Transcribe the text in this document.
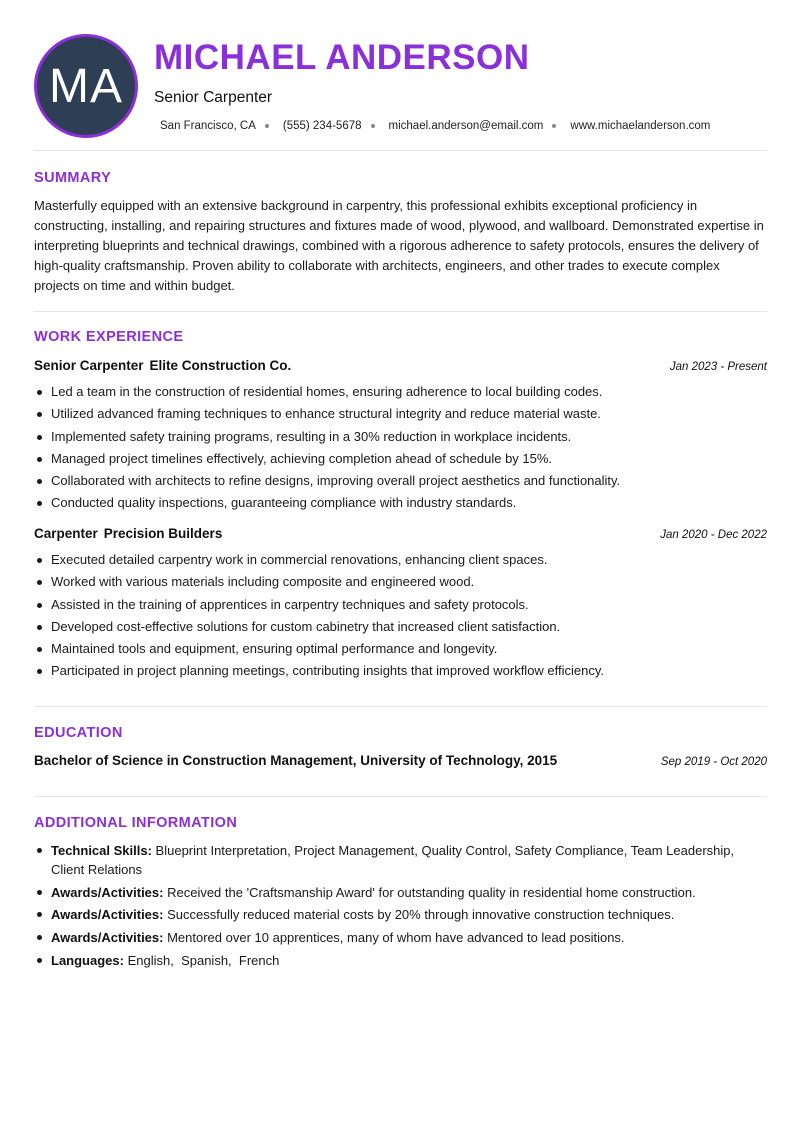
MA
MICHAEL ANDERSON
Senior Carpenter
San Francisco, CA (555) 234-5678 michael.anderson@email.com www.michaelanderson.com
SUMMARY

Masterfully equipped with an extensive background in carpentry, this professional exhibits exceptional proficiency in constructing, installing, and repairing structures and fixtures made of wood, plywood, and wallboard. Demonstrated expertise in interpreting blueprints and technical drawings, combined with a rigorous adherence to safety protocols, ensures the delivery of high-quality craftsmanship. Proven ability to collaborate with architects, engineers, and other trades to execute complex projects on time and within budget.

WORK EXPERIENCE
Senior Carpenter Elite Construction Co.	Jan 2023 - Present
Led a team in the construction of residential homes, ensuring adherence to local building codes.
Utilized advanced framing techniques to enhance structural integrity and reduce material waste.
Implemented safety training programs, resulting in a 30% reduction in workplace incidents.
Managed project timelines effectively, achieving completion ahead of schedule by 15%.
Collaborated with architects to refine designs, improving overall project aesthetics and functionality.
Conducted quality inspections, guaranteeing compliance with industry standards.
Carpenter Precision Builders	Jan 2020 - Dec 2022
Executed detailed carpentry work in commercial renovations, enhancing client spaces.
Worked with various materials including composite and engineered wood.
Assisted in the training of apprentices in carpentry techniques and safety protocols.
Developed cost-effective solutions for custom cabinetry that increased client satisfaction.
Maintained tools and equipment, ensuring optimal performance and longevity.
Participated in project planning meetings, contributing insights that improved workflow efficiency.
EDUCATION
Bachelor of Science in Construction Management, University of Technology, 2015	Sep 2019 - Oct 2020
ADDITIONAL INFORMATION
Technical Skills: Blueprint Interpretation, Project Management, Quality Control, Safety Compliance, Team Leadership, Client Relations
Awards/Activities: Received the 'Craftsmanship Award' for outstanding quality in residential home construction.
Awards/Activities: Successfully reduced material costs by 20% through innovative construction techniques.
Awards/Activities: Mentored over 10 apprentices, many of whom have advanced to lead positions.
Languages: English,  Spanish,  French
